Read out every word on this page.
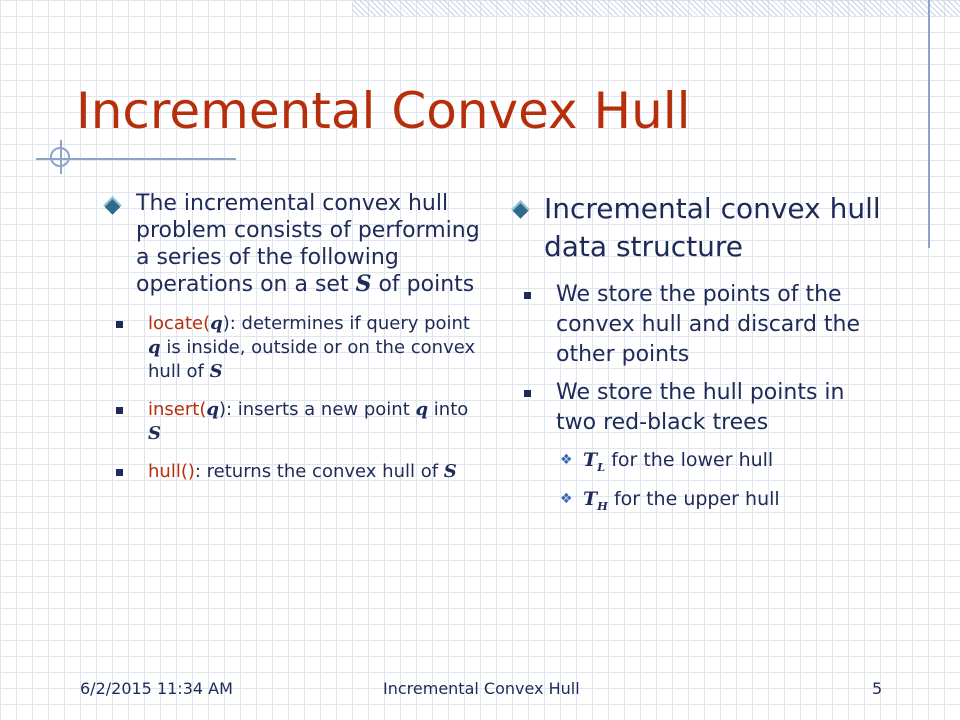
Incremental Convex Hull
The incremental convex hull problem consists of performing a series of the following operations on a set S of points
locate(q): determines if query point q is inside, outside or on the convex hull of S
insert(q): inserts a new point q into S
hull(): returns the convex hull of S
Incremental convex hull data structure
We store the points of the convex hull and discard the other points
We store the hull points in two red-black trees
❖ $T_L$ for the lower hull
❖ $T_H$ for the upper hull
6/2/2015 11:34 AM	Incremental Convex Hull	5
